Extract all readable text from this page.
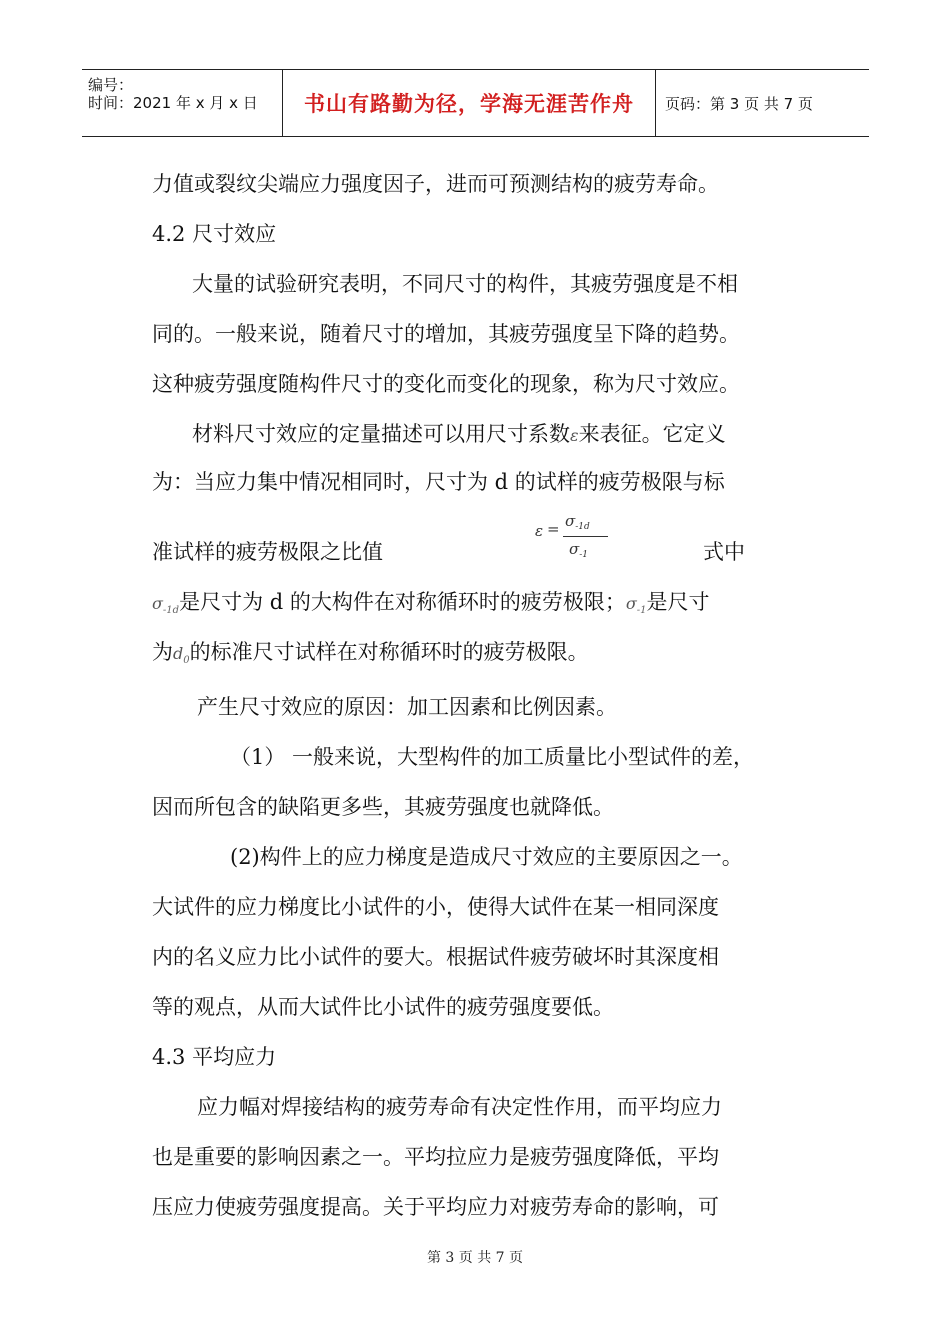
编号：
时间：2021 年 x 月 x 日 书山有路勤为径，学海无涯苦作舟 页码：第 3 页 共 7 页
力值或裂纹尖端应力强度因子，进而可预测结构的疲劳寿命。
4.2 尺寸效应
大量的试验研究表明，不同尺寸的构件，其疲劳强度是不相
同的。一般来说，随着尺寸的增加，其疲劳强度呈下降的趋势。
这种疲劳强度随构件尺寸的变化而变化的现象，称为尺寸效应。
材料尺寸效应的定量描述可以用尺寸系数ε来表征。它定义
为：当应力集中情况相同时，尺寸为 d 的试样的疲劳极限与标
$\varepsilon = \sigma_{-1d}$
$\sigma_{-1}$
准试样的疲劳极限之比值	式中
$\sigma_{-1d}$是尺寸为 d 的大构件在对称循环时的疲劳极限；$\sigma_{-1}$是尺寸
为$d_0$的标准尺寸试样在对称循环时的疲劳极限。
产生尺寸效应的原因：加工因素和比例因素。
（1） 一般来说，大型构件的加工质量比小型试件的差，
因而所包含的缺陷更多些，其疲劳强度也就降低。
(2)构件上的应力梯度是造成尺寸效应的主要原因之一。
大试件的应力梯度比小试件的小，使得大试件在某一相同深度
内的名义应力比小试件的要大。根据试件疲劳破坏时其深度相
等的观点，从而大试件比小试件的疲劳强度要低。
4.3 平均应力
应力幅对焊接结构的疲劳寿命有决定性作用，而平均应力
也是重要的影响因素之一。平均拉应力是疲劳强度降低，平均
压应力使疲劳强度提高。关于平均应力对疲劳寿命的影响，可
第 3 页 共 7 页
